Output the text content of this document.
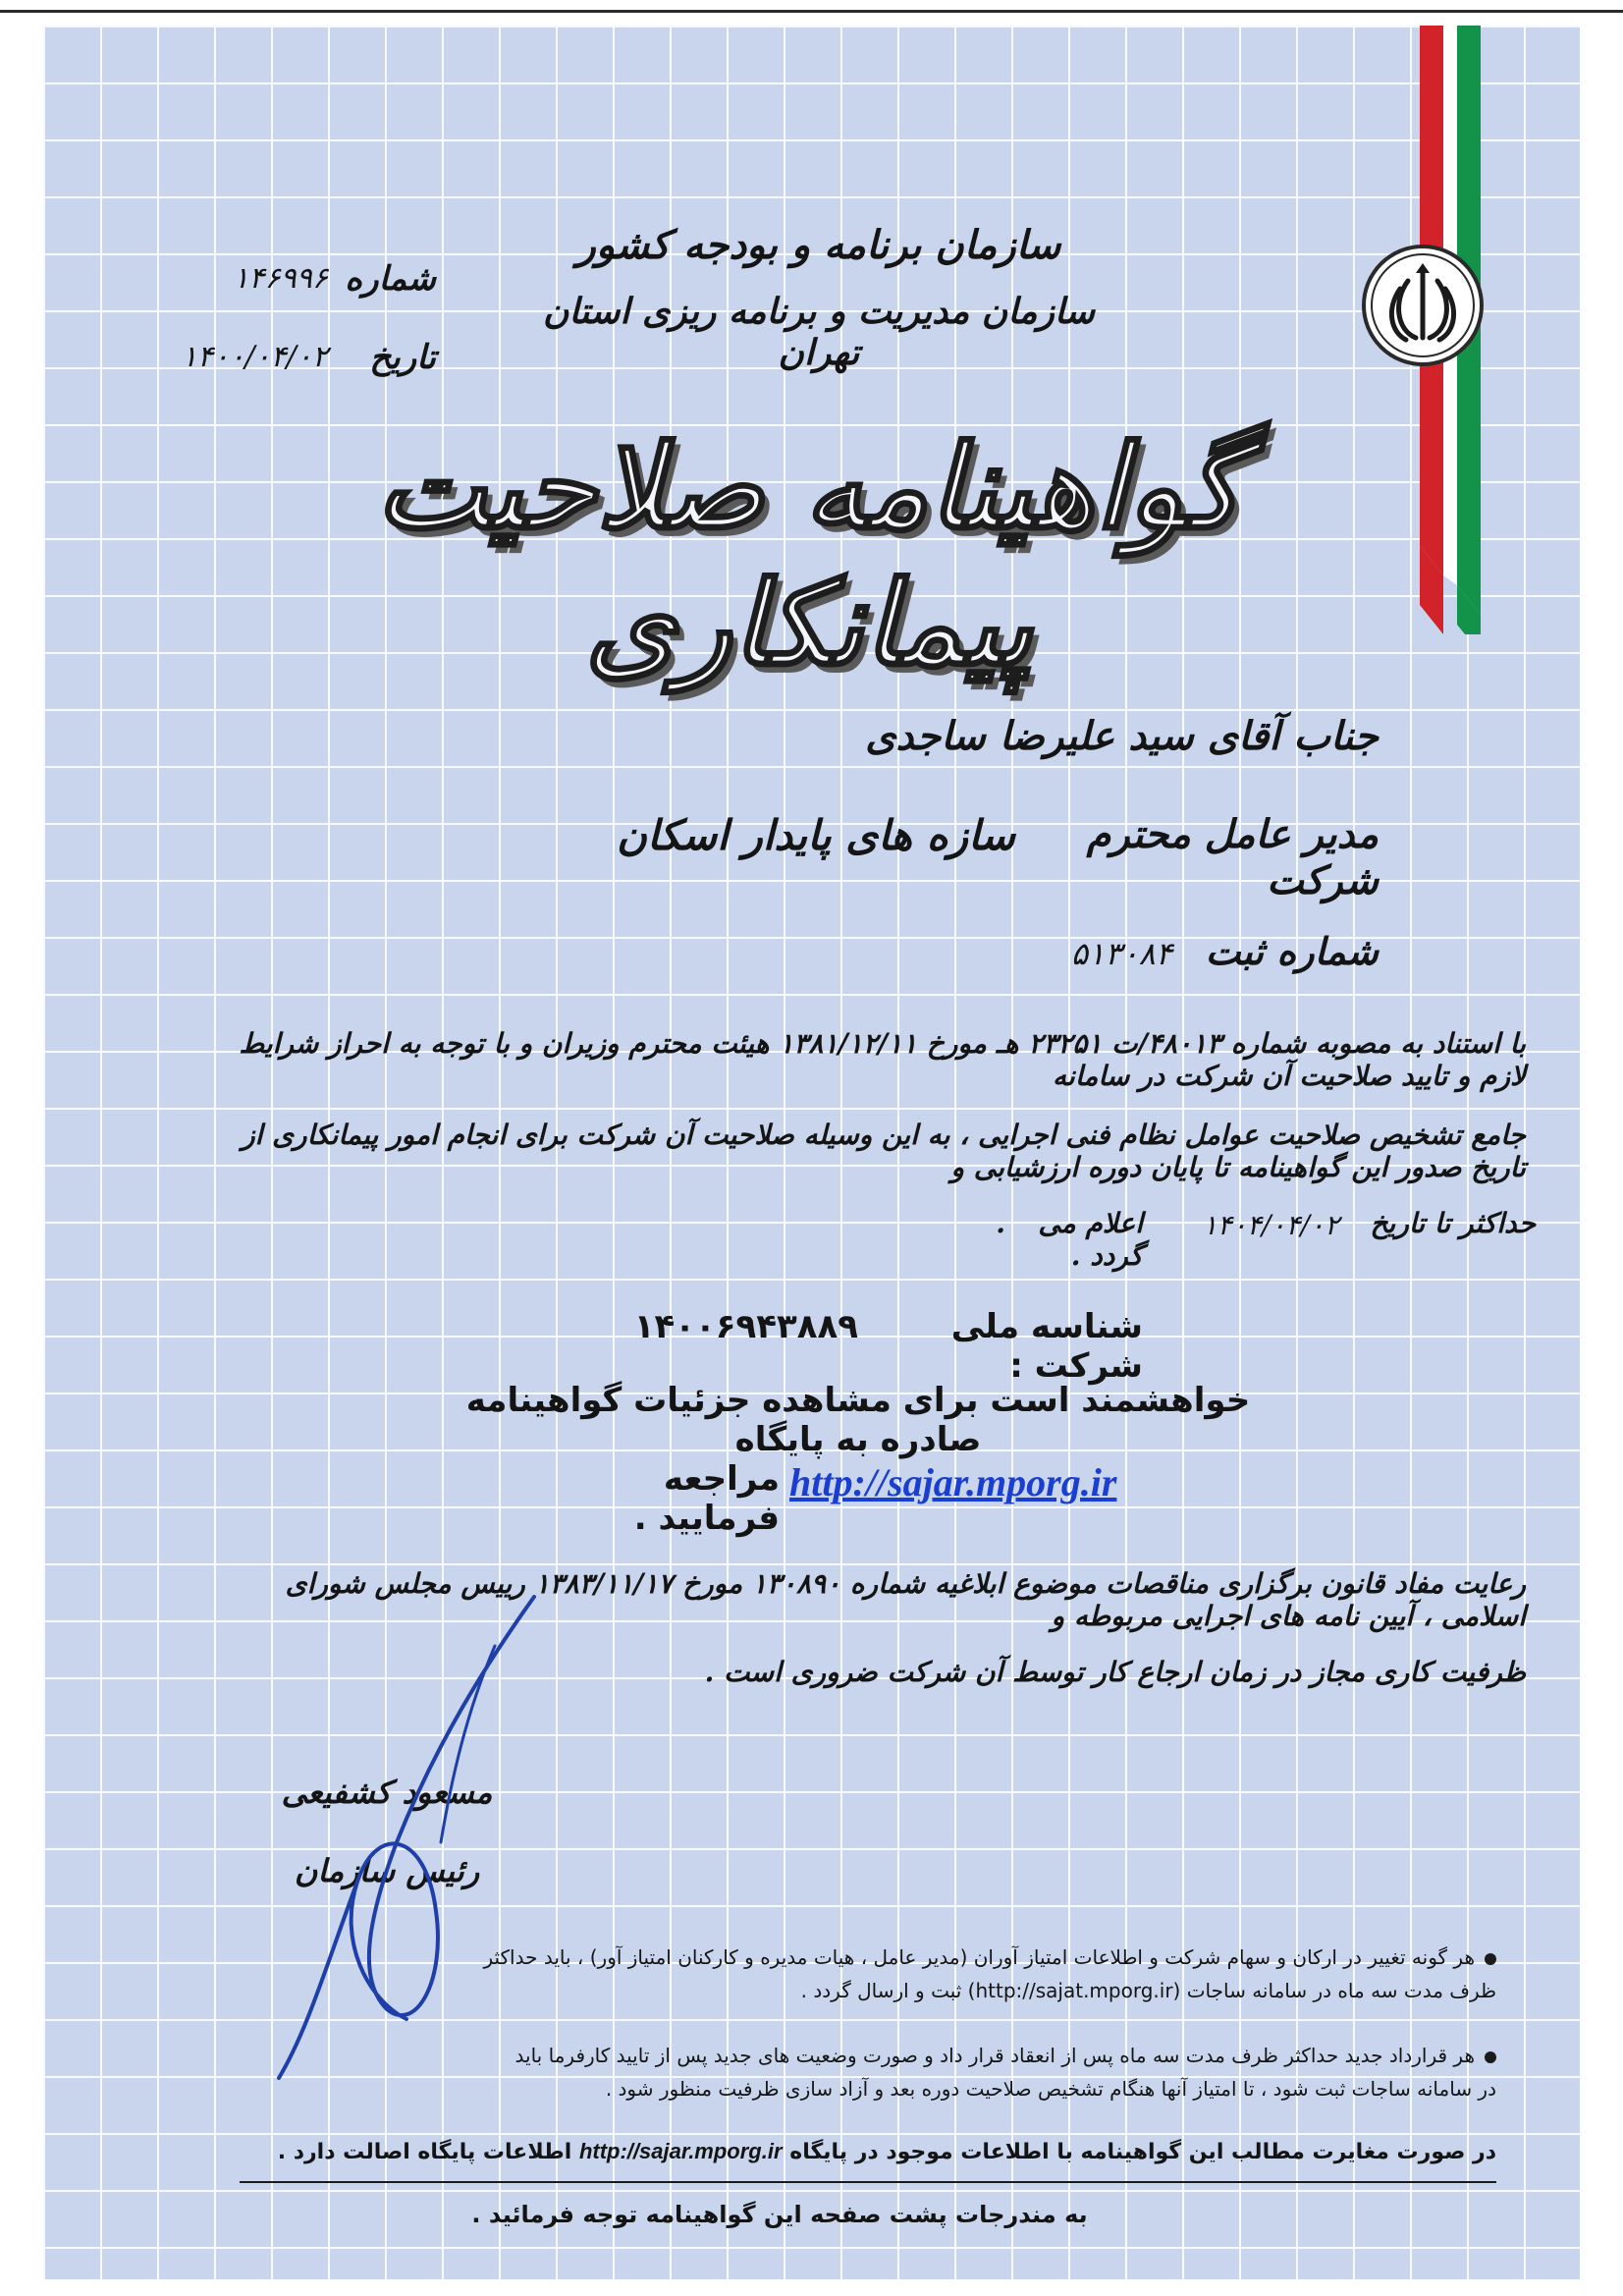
سازمان برنامه و بودجه کشور
سازمان مدیریت و برنامه ریزی استان تهران
شماره
۱۴۶۹۹۶
تاریخ
۱۴۰۰/۰۴/۰۲
گواهینامه صلاحیت پیمانکاری
جناب آقای سید علیرضا ساجدی
مدیر عامل محترم شرکت
سازه های پایدار اسکان
شماره ثبت
۵۱۳۰۸۴
با استناد به مصوبه شماره ۴۸۰۱۳/ت ۲۳۲۵۱ هـ مورخ ۱۳۸۱/۱۲/۱۱ هیئت محترم وزیران و با توجه به احراز شرایط لازم و تایید صلاحیت آن شرکت در سامانه
جامع تشخیص صلاحیت عوامل نظام فنی اجرایی ، به این وسیله صلاحیت آن شرکت برای انجام امور پیمانکاری از تاریخ صدور این گواهینامه تا پایان دوره ارزشیابی و
حداکثر تا تاریخ
۱۴۰۴/۰۴/۰۲
اعلام می گردد .
.
شناسه ملی شرکت :
۱۴۰۰۶۹۴۳۸۸۹
خواهشمند است برای مشاهده جزئیات گواهینامه صادره به پایگاه
http://sajar.mporg.ir
مراجعه فرمایید .
رعایت مفاد قانون برگزاری مناقصات موضوع ابلاغیه شماره ۱۳۰۸۹۰ مورخ ۱۳۸۳/۱۱/۱۷ رییس مجلس شورای اسلامی ، آیین نامه های اجرایی مربوطه و
ظرفیت کاری مجاز در زمان ارجاع کار توسط آن شرکت ضروری است .
مسعود کشفیعی
رئیس سازمان
هر گونه تغییر در ارکان و سهام شرکت و اطلاعات امتیاز آوران (مدیر عامل ، هیات مدیره و کارکنان امتیاز آور) ، باید حداکثر
ظرف مدت سه ماه در سامانه ساجات (http://sajat.mporg.ir) ثبت و ارسال گردد .
هر قرارداد جدید حداکثر ظرف مدت سه ماه پس از انعقاد قرار داد و صورت وضعیت های جدید پس از تایید کارفرما باید
در سامانه ساجات ثبت شود ، تا امتیاز آنها هنگام تشخیص صلاحیت دوره بعد و آزاد سازی ظرفیت منظور شود .
در صورت مغایرت مطالب این گواهینامه با اطلاعات موجود در پایگاه http://sajar.mporg.ir اطلاعات پایگاه اصالت دارد .
به مندرجات پشت صفحه این گواهینامه توجه فرمائید .
